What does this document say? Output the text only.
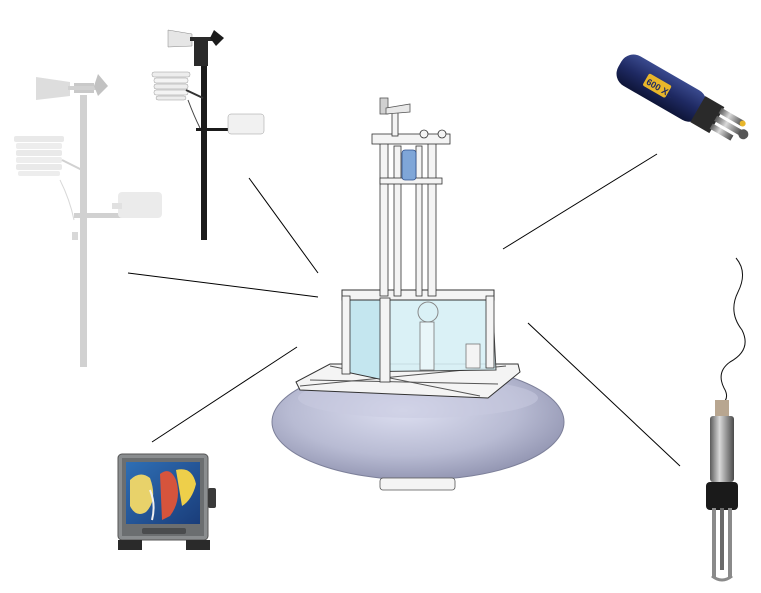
600 XL
